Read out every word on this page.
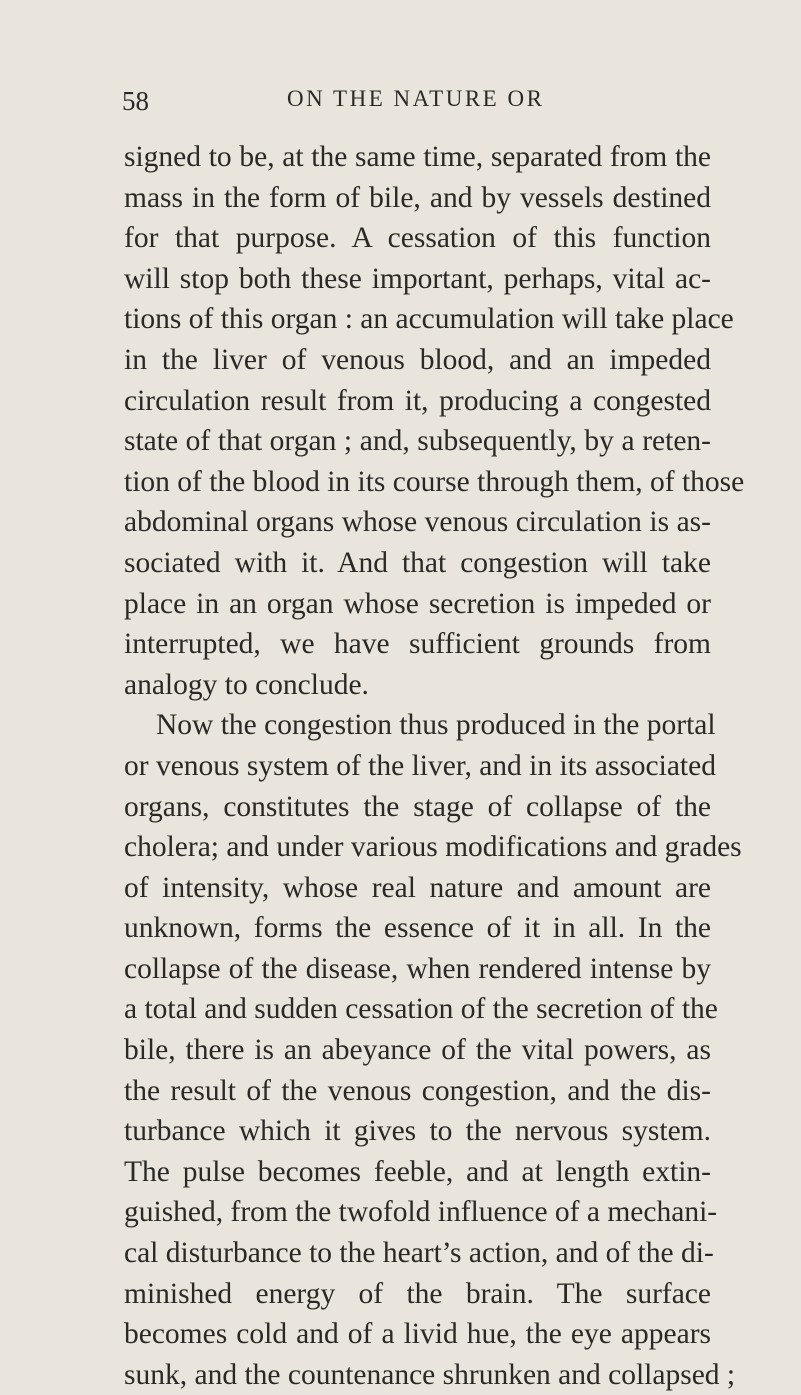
58	ON THE NATURE OR
signed to be, at the same time, separated from the
mass in the form of bile, and by vessels destined
for that purpose. A cessation of this function
will stop both these important, perhaps, vital ac-
tions of this organ : an accumulation will take place
in the liver of venous blood, and an impeded
circulation result from it, producing a congested
state of that organ ; and, subsequently, by a reten-
tion of the blood in its course through them, of those
abdominal organs whose venous circulation is as-
sociated with it. And that congestion will take
place in an organ whose secretion is impeded or
interrupted, we have sufficient grounds from
analogy to conclude.
Now the congestion thus produced in the portal
or venous system of the liver, and in its associated
organs, constitutes the stage of collapse of the
cholera; and under various modifications and grades
of intensity, whose real nature and amount are
unknown, forms the essence of it in all. In the
collapse of the disease, when rendered intense by
a total and sudden cessation of the secretion of the
bile, there is an abeyance of the vital powers, as
the result of the venous congestion, and the dis-
turbance which it gives to the nervous system.
The pulse becomes feeble, and at length extin-
guished, from the twofold influence of a mechani-
cal disturbance to the heart’s action, and of the di-
minished energy of the brain. The surface
becomes cold and of a livid hue, the eye appears
sunk, and the countenance shrunken and collapsed ;
